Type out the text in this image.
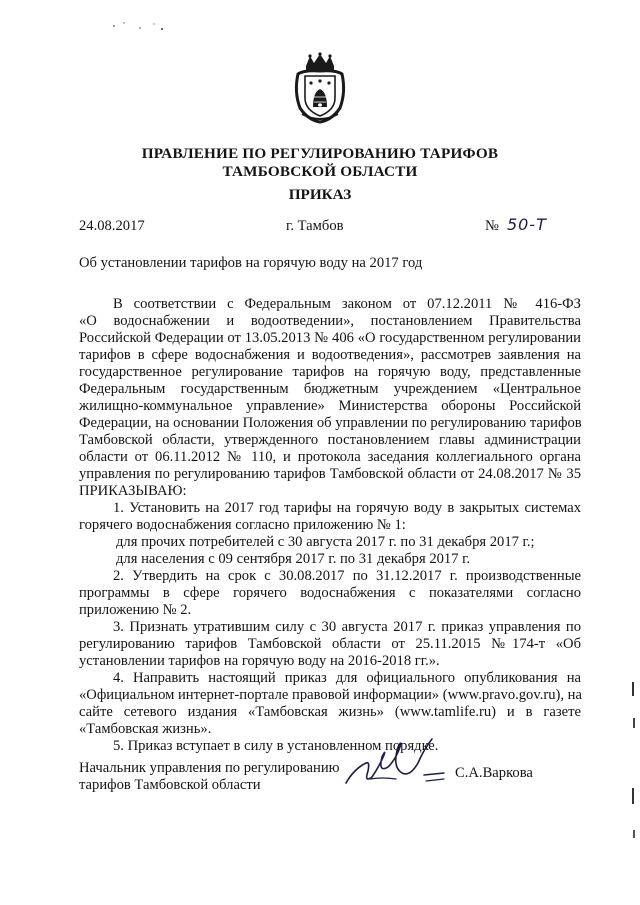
ПРАВЛЕНИЕ ПО РЕГУЛИРОВАНИЮ ТАРИФОВ
ТАМБОВСКОЙ ОБЛАСТИ
ПРИКАЗ
24.08.2017	г. Тамбов	№ 50-Т
Об установлении тарифов на горячую воду на 2017 год
В соответствии с Федеральным законом от 07.12.2011 № 416-ФЗ
«О водоснабжении и водоотведении», постановлением Правительства
Российской Федерации от 13.05.2013 № 406 «О государственном регулировании
тарифов в сфере водоснабжения и водоотведения», рассмотрев заявления на
государственное регулирование тарифов на горячую воду, представленные
Федеральным государственным бюджетным учреждением «Центральное
жилищно-коммунальное управление» Министерства обороны Российской
Федерации, на основании Положения об управлении по регулированию тарифов
Тамбовской области, утвержденного постановлением главы администрации
области от 06.11.2012 № 110, и протокола заседания коллегиального органа
управления по регулированию тарифов Тамбовской области от 24.08.2017 № 35
ПРИКАЗЫВАЮ:
1. Установить на 2017 год тарифы на горячую воду в закрытых системах
горячего водоснабжения согласно приложению № 1:
для прочих потребителей с 30 августа 2017 г. по 31 декабря 2017 г.;
для населения с 09 сентября 2017 г. по 31 декабря 2017 г.
2. Утвердить на срок с 30.08.2017 по 31.12.2017 г. производственные
программы в сфере горячего водоснабжения с показателями согласно
приложению № 2.
3. Признать утратившим силу с 30 августа 2017 г. приказ управления по
регулированию тарифов Тамбовской области от 25.11.2015 №174-т «Об
установлении тарифов на горячую воду на 2016-2018 гг.».
4. Направить настоящий приказ для официального опубликования на
«Официальном интернет-портале правовой информации» (www.pravo.gov.ru), на
сайте сетевого издания «Тамбовская жизнь» (www.tamlife.ru) и в газете
«Тамбовская жизнь».
5. Приказ вступает в силу в установленном порядке.
Начальник управления по регулированию
тарифов Тамбовской области
С.А.Варкова
